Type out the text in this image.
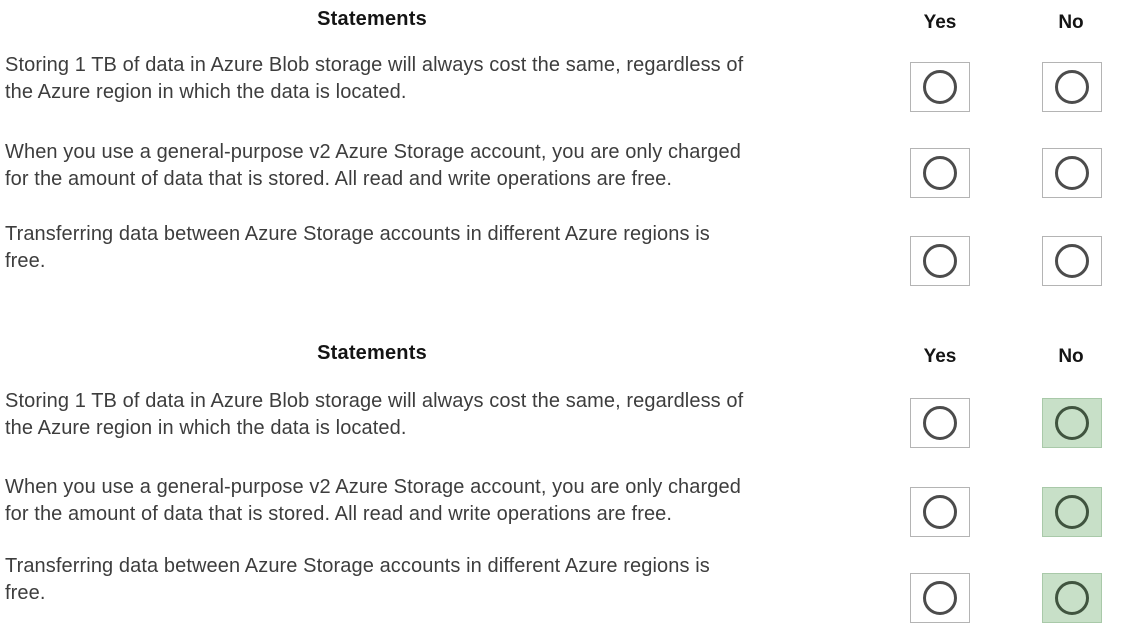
Statements	Yes	No
Storing 1 TB of data in Azure Blob storage will always cost the same, regardless of
the Azure region in which the data is located.
When you use a general-purpose v2 Azure Storage account, you are only charged
for the amount of data that is stored. All read and write operations are free.
Transferring data between Azure Storage accounts in different Azure regions is
free.
Statements	Yes	No
Storing 1 TB of data in Azure Blob storage will always cost the same, regardless of
the Azure region in which the data is located.
When you use a general-purpose v2 Azure Storage account, you are only charged
for the amount of data that is stored. All read and write operations are free.
Transferring data between Azure Storage accounts in different Azure regions is
free.
